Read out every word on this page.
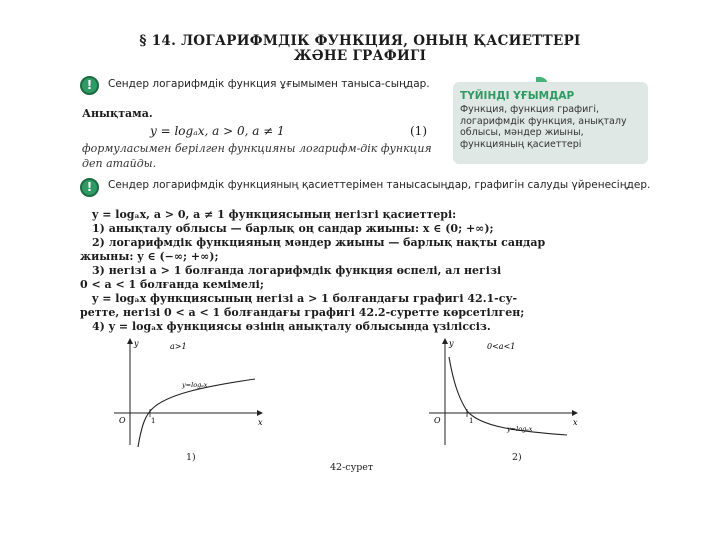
§ 14. ЛОГАРИФМДІК ФУНКЦИЯ, ОНЫҢ ҚАСИЕТТЕРІ
ЖӘНЕ ГРАФИГІ
!	Сендер логарифмдік функция ұғымымен таныса-сыңдар.
ТҮЙІНДІ ҰҒЫМДАР
Функция, функция графигі, логарифмдік функция, анықталу облысы, мәндер жиыны, функцияның қасиеттері
Анықтама.
y = logₐx, a > 0, a ≠ 1	(1)
формуласымен берілген функцияны логарифм-дік функция деп атайды.
!	Сендер логарифмдік функцияның қасиеттерімен танысасыңдар, графигін салуды үйренесіңдер.
y = logₐx, a > 0, a ≠ 1 функциясының негізгі қасиеттері:
1) анықталу облысы — барлық оң сандар жиыны: x ∈ (0; +∞);
2) логарифмдік функцияның мәндер жиыны — барлық нақты сандар
жиыны: y ∈ (−∞; +∞);
3) негізі a > 1 болғанда логарифмдік функция өспелі, ал негізі
0 < a < 1 болғанда кемімелі;
y = logₐx функциясының негізі a > 1 болғандағы графигі 42.1-су-
ретте, негізі 0 < a < 1 болғандағы графигі 42.2-суретте көрсетілген;
4) y = logₐx функциясы өзінің анықталу облысында үзіліссіз.
y
x
O	1
a>1
y=logₐx
1)
y
x
O	1
0<a<1
y=logₐx
2)
42-сурет
